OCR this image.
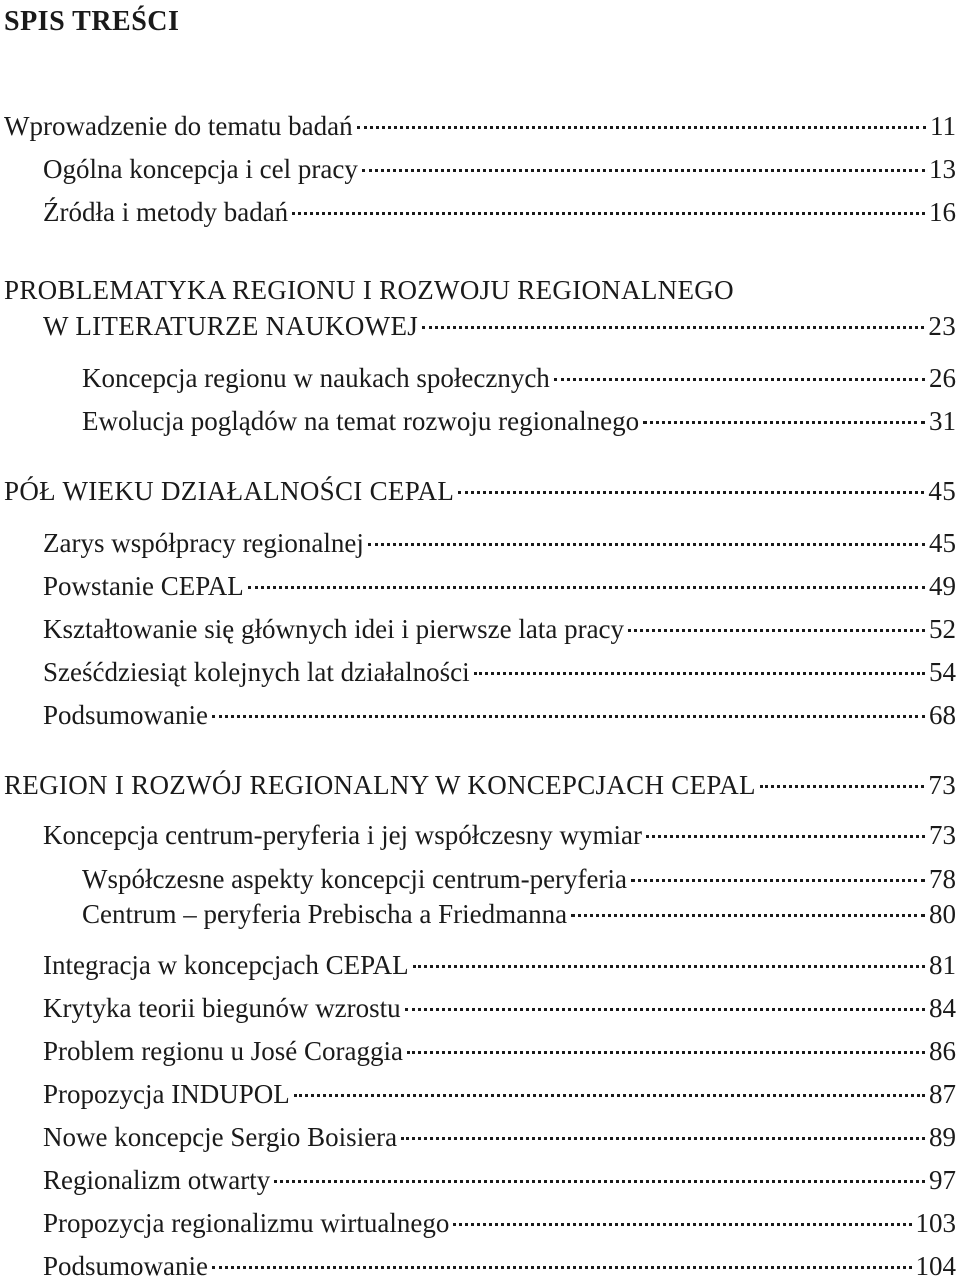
SPIS TREŚCI
Wprowadzenie do tematu badań	11
Ogólna koncepcja i cel pracy	13
Źródła i metody badań	16
PROBLEMATYKA REGIONU I ROZWOJU REGIONALNEGO
W LITERATURZE NAUKOWEJ	23
Koncepcja regionu w naukach społecznych	26
Ewolucja poglądów na temat rozwoju regionalnego	31
PÓŁ WIEKU DZIAŁALNOŚCI CEPAL	45
Zarys współpracy regionalnej	45
Powstanie CEPAL	49
Kształtowanie się głównych idei i pierwsze lata pracy	52
Sześćdziesiąt kolejnych lat działalności	54
Podsumowanie	68
REGION I ROZWÓJ REGIONALNY W KONCEPCJACH CEPAL	73
Koncepcja centrum-peryferia i jej współczesny wymiar	73
Współczesne aspekty koncepcji centrum-peryferia	78
Centrum – peryferia Prebischa a Friedmanna	80
Integracja w koncepcjach CEPAL	81
Krytyka teorii biegunów wzrostu	84
Problem regionu u José Coraggia	86
Propozycja INDUPOL	87
Nowe koncepcje Sergio Boisiera	89
Regionalizm otwarty	97
Propozycja regionalizmu wirtualnego	103
Podsumowanie	104
